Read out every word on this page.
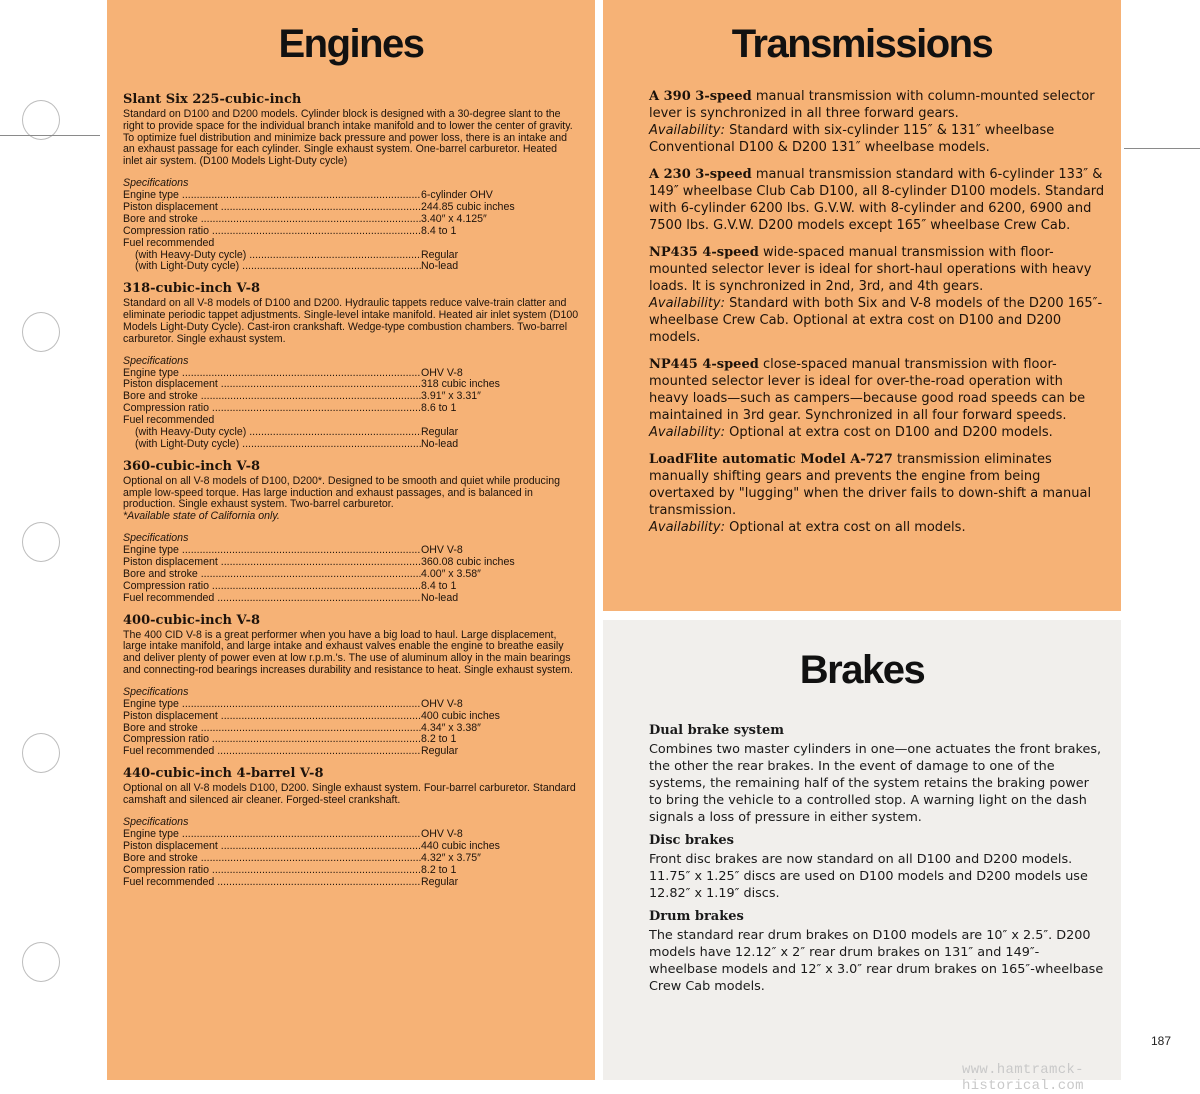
Engines
Slant Six 225-cubic-inch

Standard on D100 and D200 models. Cylinder block is designed with a 30-degree slant to the right to provide space for the individual branch intake manifold and to lower the center of gravity. To optimize fuel distribution and minimize back pressure and power loss, there is an intake and an exhaust passage for each cylinder. Single exhaust system. One-barrel carburetor. Heated inlet air system. (D100 Models Light-Duty cycle)

Specifications
Engine type .....	6-cylinder OHV
Piston displacement .....	244.85 cubic inches
Bore and stroke .....	3.40″ x 4.125″
Compression ratio .....	8.4 to 1
Fuel recommended
(with Heavy-Duty cycle) .....	Regular
(with Light-Duty cycle) .....	No-lead
318-cubic-inch V-8

Standard on all V-8 models of D100 and D200. Hydraulic tappets reduce valve-train clatter and eliminate periodic tappet adjustments. Single-level intake manifold. Heated air inlet system (D100 Models Light-Duty Cycle). Cast-iron crankshaft. Wedge-type combustion chambers. Two-barrel carburetor. Single exhaust system.

Specifications
Engine type .....	OHV V-8
Piston displacement .....	318 cubic inches
Bore and stroke .....	3.91″ x 3.31″
Compression ratio .....	8.6 to 1
Fuel recommended
(with Heavy-Duty cycle) .....	Regular
(with Light-Duty cycle) .....	No-lead
360-cubic-inch V-8

Optional on all V-8 models of D100, D200*. Designed to be smooth and quiet while producing ample low-speed torque. Has large induction and exhaust passages, and is balanced in production. Single exhaust system. Two-barrel carburetor.

*Available state of California only.

Specifications
Engine type .....	OHV V-8
Piston displacement .....	360.08 cubic inches
Bore and stroke .....	4.00″ x 3.58″
Compression ratio .....	8.4 to 1
Fuel recommended .....	No-lead
400-cubic-inch V-8

The 400 CID V-8 is a great performer when you have a big load to haul. Large displacement, large intake manifold, and large intake and exhaust valves enable the engine to breathe easily and deliver plenty of power even at low r.p.m.'s. The use of aluminum alloy in the main bearings and connecting-rod bearings increases durability and resistance to heat. Single exhaust system.

Specifications
Engine type .....	OHV V-8
Piston displacement .....	400 cubic inches
Bore and stroke .....	4.34″ x 3.38″
Compression ratio .....	8.2 to 1
Fuel recommended .....	Regular
440-cubic-inch 4-barrel V-8

Optional on all V-8 models D100, D200. Single exhaust system. Four-barrel carburetor. Standard camshaft and silenced air cleaner. Forged-steel crankshaft.

Specifications
Engine type .....	OHV V-8
Piston displacement .....	440 cubic inches
Bore and stroke .....	4.32″ x 3.75″
Compression ratio .....	8.2 to 1
Fuel recommended .....	Regular
Transmissions

A 390 3-speed manual transmission with column-mounted selector lever is synchronized in all three forward gears.
Availability: Standard with six-cylinder 115″ & 131″ wheelbase Conventional D100 & D200 131″ wheelbase models.

A 230 3-speed manual transmission standard with 6-cylinder 133″ & 149″ wheelbase Club Cab D100, all 8-cylinder D100 models. Standard with 6-cylinder 6200 lbs. G.V.W. with 8-cylinder and 6200, 6900 and 7500 lbs. G.V.W. D200 models except 165″ wheelbase Crew Cab.

NP435 4-speed wide-spaced manual transmission with floor-mounted selector lever is ideal for short-haul operations with heavy loads. It is synchronized in 2nd, 3rd, and 4th gears.
Availability: Standard with both Six and V-8 models of the D200 165″-wheelbase Crew Cab. Optional at extra cost on D100 and D200 models.

NP445 4-speed close-spaced manual transmission with floor-mounted selector lever is ideal for over-the-road operation with heavy loads—such as campers—because good road speeds can be maintained in 3rd gear. Synchronized in all four forward speeds.
Availability: Optional at extra cost on D100 and D200 models.

LoadFlite automatic Model A-727 transmission eliminates manually shifting gears and prevents the engine from being overtaxed by "lugging" when the driver fails to down-shift a manual transmission.
Availability: Optional at extra cost on all models.

Brakes
Dual brake system

Combines two master cylinders in one—one actuates the front brakes, the other the rear brakes. In the event of damage to one of the systems, the remaining half of the system retains the braking power to bring the vehicle to a controlled stop. A warning light on the dash signals a loss of pressure in either system.

Disc brakes

Front disc brakes are now standard on all D100 and D200 models. 11.75″ x 1.25″ discs are used on D100 models and D200 models use 12.82″ x 1.19″ discs.

Drum brakes

The standard rear drum brakes on D100 models are 10″ x 2.5″. D200 models have 12.12″ x 2″ rear drum brakes on 131″ and 149″-wheelbase models and 12″ x 3.0″ rear drum brakes on 165″-wheelbase Crew Cab models.

187
www.hamtramck-historical.com
